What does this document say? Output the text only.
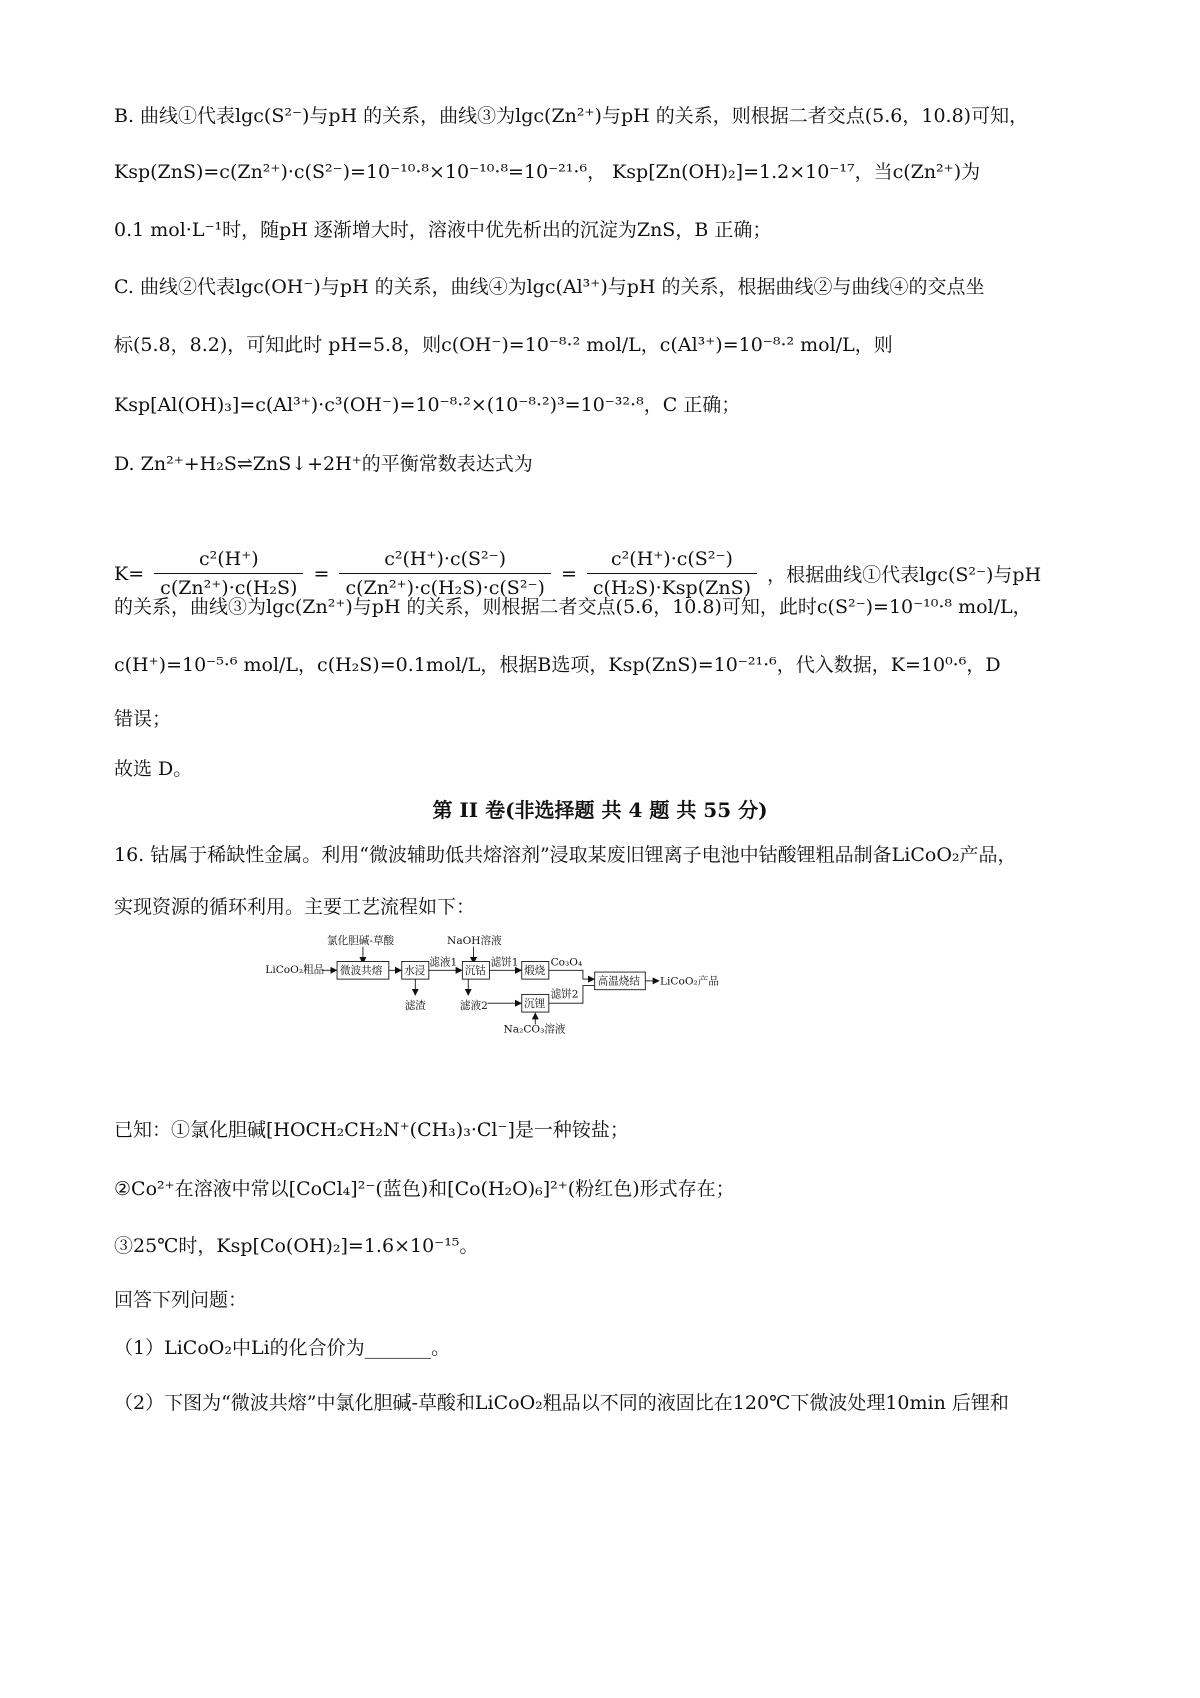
B. 曲线①代表lgc(S²⁻)与pH 的关系，曲线③为lgc(Zn²⁺)与pH 的关系，则根据二者交点(5.6，10.8)可知，
Ksp(ZnS)=c(Zn²⁺)·c(S²⁻)=10⁻¹⁰·⁸×10⁻¹⁰·⁸=10⁻²¹·⁶， Ksp[Zn(OH)₂]=1.2×10⁻¹⁷，当c(Zn²⁺)为
0.1 mol·L⁻¹时，随pH 逐渐增大时，溶液中优先析出的沉淀为ZnS，B 正确；
C. 曲线②代表lgc(OH⁻)与pH 的关系，曲线④为lgc(Al³⁺)与pH 的关系，根据曲线②与曲线④的交点坐
标(5.8，8.2)，可知此时 pH=5.8，则c(OH⁻)=10⁻⁸·² mol/L，c(Al³⁺)=10⁻⁸·² mol/L，则
Ksp[Al(OH)₃]=c(Al³⁺)·c³(OH⁻)=10⁻⁸·²×(10⁻⁸·²)³=10⁻³²·⁸，C 正确；
D. Zn²⁺+H₂S⇌ZnS↓+2H⁺的平衡常数表达式为
$K= \frac{\text{c²(H⁺)}}{\text{c(Zn²⁺)·c(H₂S)}} = \frac{\text{c²(H⁺)·c(S²⁻)}}{\text{c(Zn²⁺)·c(H₂S)·c(S²⁻)}} = \frac{\text{c²(H⁺)·c(S²⁻)}}{\text{c(H₂S)·Ksp(ZnS)}}$ ，根据曲线①代表lgc(S²⁻)与pH
的关系，曲线③为lgc(Zn²⁺)与pH 的关系，则根据二者交点(5.6，10.8)可知，此时c(S²⁻)=10⁻¹⁰·⁸ mol/L，
c(H⁺)=10⁻⁵·⁶ mol/L，c(H₂S)=0.1mol/L，根据B选项，Ksp(ZnS)=10⁻²¹·⁶，代入数据，K=10⁰·⁶，D
错误；
故选 D。
第 II 卷(非选择题 共 4 题 共 55 分)
16. 钴属于稀缺性金属。利用“微波辅助低共熔溶剂”浸取某废旧锂离子电池中钴酸锂粗品制备LiCoO₂产品，
实现资源的循环利用。主要工艺流程如下：
氯化胆碱-草酸	NaOH溶液
LiCoO₂粗品 微波共熔 水浸
滤液1
沉钴
滤饼1
煅烧
Co₃O₄
高温烧结 LiCoO₂产品
滤渣 滤液2 沉锂
滤饼2
Na₂CO₃溶液
已知：①氯化胆碱[HOCH₂CH₂N⁺(CH₃)₃·Cl⁻]是一种铵盐；
②Co²⁺在溶液中常以[CoCl₄]²⁻(蓝色)和[Co(H₂O)₆]²⁺(粉红色)形式存在；
③25℃时，Ksp[Co(OH)₂]=1.6×10⁻¹⁵。
回答下列问题：
（1）LiCoO₂中Li的化合价为_______。
（2）下图为“微波共熔”中氯化胆碱-草酸和LiCoO₂粗品以不同的液固比在120℃下微波处理10min 后锂和
